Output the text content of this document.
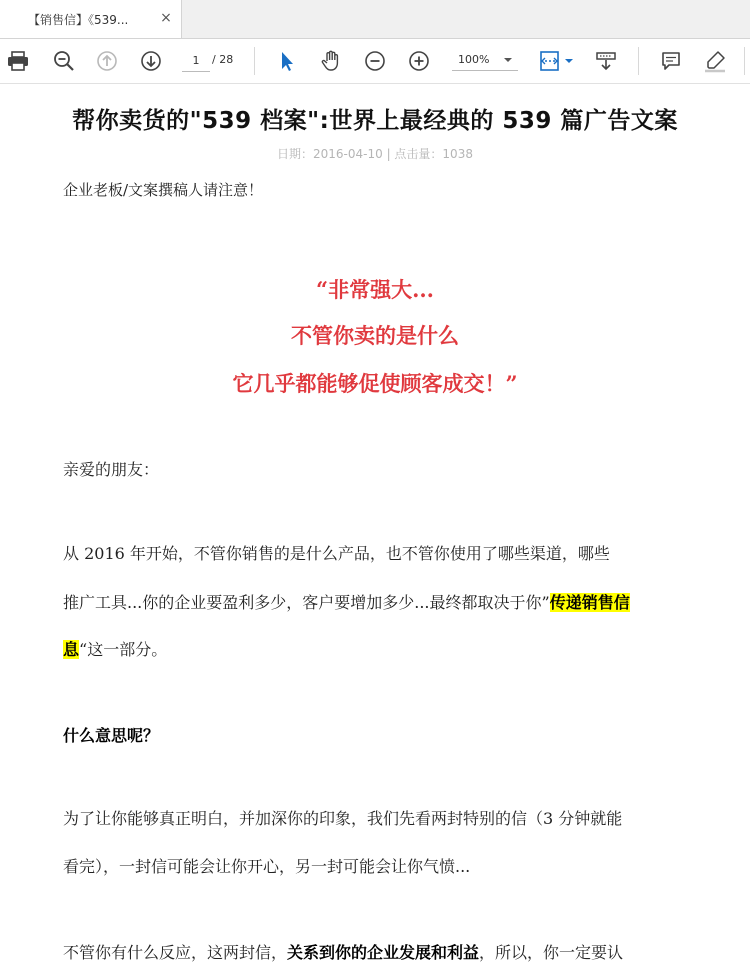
【销售信】《539... ×
1
/ 28	100%
帮你卖货的"539 档案":世界上最经典的 539 篇广告文案
日期：2016-04-10 | 点击量：1038
企业老板/文案撰稿人请注意！
“非常强大...
不管你卖的是什么
它几乎都能够促使顾客成交！”
亲爱的朋友：
从 2016 年开始，不管你销售的是什么产品，也不管你使用了哪些渠道，哪些
推广工具...你的企业要盈利多少，客户要增加多少...最终都取决于你”传递销售信
息“这一部分。
什么意思呢？
为了让你能够真正明白，并加深你的印象，我们先看两封特别的信（3 分钟就能
看完），一封信可能会让你开心，另一封可能会让你气愤...
不管你有什么反应，这两封信，关系到你的企业发展和利益，所以，你一定要认
